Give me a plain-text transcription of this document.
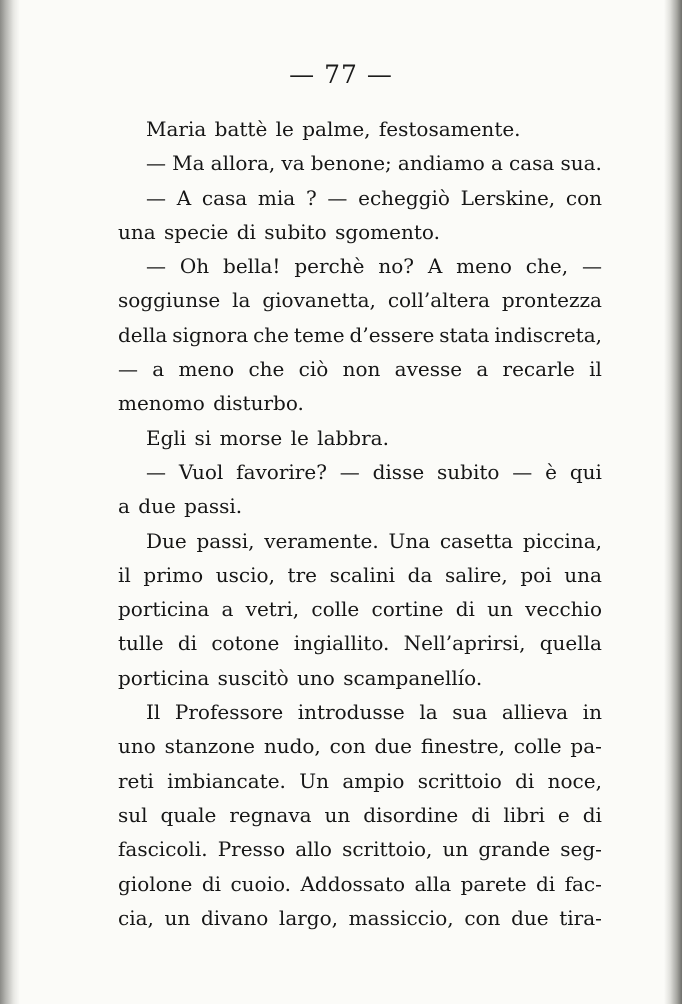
— 77 —
Maria battè le palme, festosamente.
— Ma allora, va benone; andiamo a casa sua.
— A casa mia ? — echeggiò Lerskine, con
una specie di subito sgomento.
— Oh bella! perchè no? A meno che, —
soggiunse la giovanetta, coll’altera prontezza
della signora che teme d’essere stata indiscreta,
— a meno che ciò non avesse a recarle il
menomo disturbo.
Egli si morse le labbra.
— Vuol favorire? — disse subito — è qui
a due passi.
Due passi, veramente. Una casetta piccina,
il primo uscio, tre scalini da salire, poi una
porticina a vetri, colle cortine di un vecchio
tulle di cotone ingiallito. Nell’aprirsi, quella
porticina suscitò uno scampanellío.
Il Professore introdusse la sua allieva in
uno stanzone nudo, con due finestre, colle pa-
reti imbiancate. Un ampio scrittoio di noce,
sul quale regnava un disordine di libri e di
fascicoli. Presso allo scrittoio, un grande seg-
giolone di cuoio. Addossato alla parete di fac-
cia, un divano largo, massiccio, con due tira-
